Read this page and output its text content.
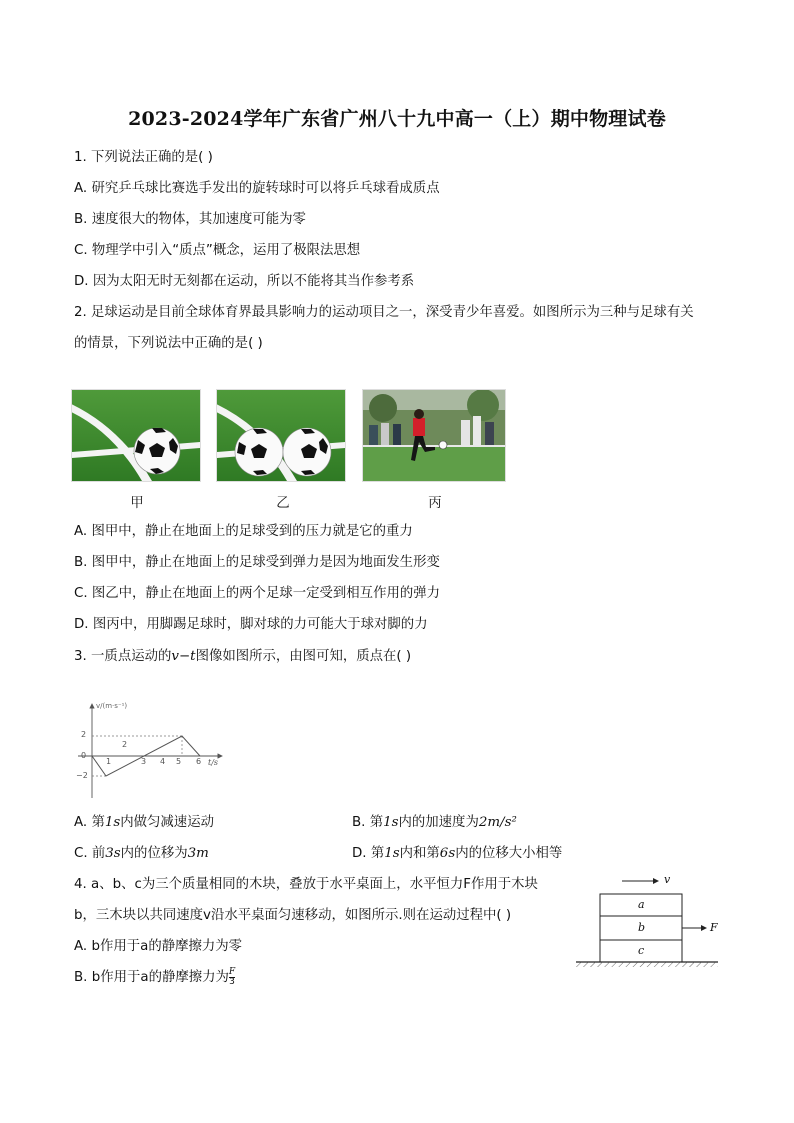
2023-2024学年广东省广州八十九中高一（上）期中物理试卷
1. 下列说法正确的是( )
A. 研究乒乓球比赛选手发出的旋转球时可以将乒乓球看成质点
B. 速度很大的物体，其加速度可能为零
C. 物理学中引入“质点”概念，运用了极限法思想
D. 因为太阳无时无刻都在运动，所以不能将其当作参考系
2. 足球运动是目前全球体育界最具影响力的运动项目之一，深受青少年喜爱。如图所示为三种与足球有关
的情景，下列说法中正确的是( )
甲	乙	丙
A. 图甲中，静止在地面上的足球受到的压力就是它的重力
B. 图甲中，静止在地面上的足球受到弹力是因为地面发生形变
C. 图乙中，静止在地面上的两个足球一定受到相互作用的弹力
D. 图丙中，用脚踢足球时，脚对球的力可能大于球对脚的力
3. 一质点运动的v−t图像如图所示，由图可知，质点在( )
v/(m·s⁻¹)
t/s
2
0
−2
1	3 4 5 6
2
A. 第1s内做匀减速运动	B. 第1s内的加速度为2m/s²
C. 前3s内的位移为3m	D. 第1s内和第6s内的位移大小相等
4. a、b、c为三个质量相同的木块，叠放于水平桌面上，水平恒力F作用于木块
b，三木块以共同速度v沿水平桌面匀速移动，如图所示.则在运动过程中( )
A. b作用于a的静摩擦力为零
B. b作用于a的静摩擦力为 $\frac{F}{3}$
v
a
b
c
F
